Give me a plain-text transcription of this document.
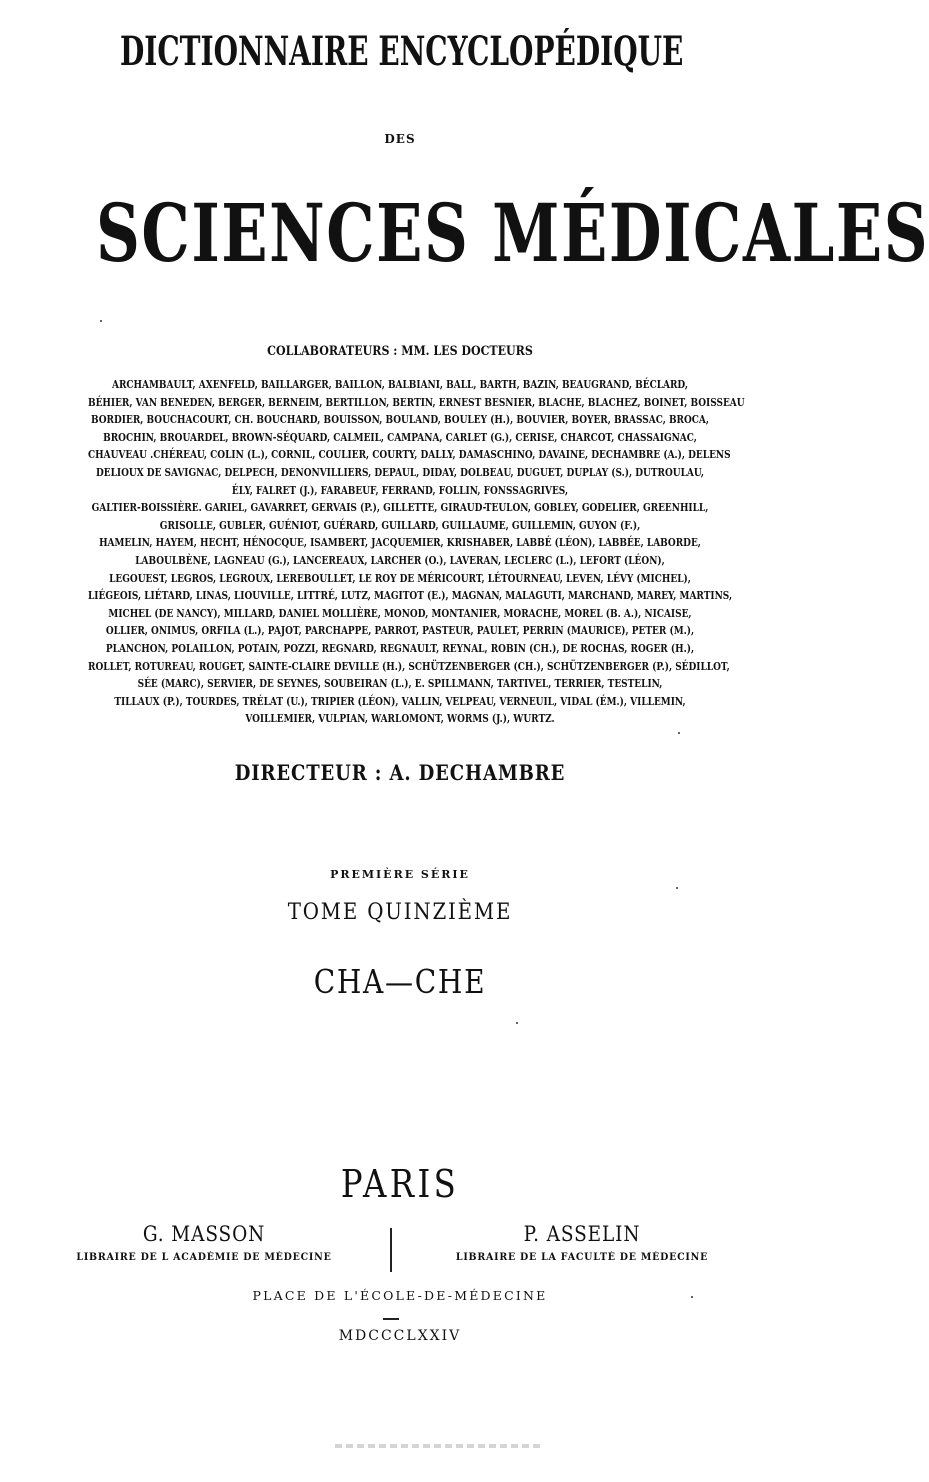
DICTIONNAIRE ENCYCLOPÉDIQUE
DES
SCIENCES MÉDICALES
COLLABORATEURS : MM. LES DOCTEURS
ARCHAMBAULT, AXENFELD, BAILLARGER, BAILLON, BALBIANI, BALL, BARTH, BAZIN, BEAUGRAND, BÉCLARD,
BÉHIER, VAN BENEDEN, BERGER, BERNEIM, BERTILLON, BERTIN, ERNEST BESNIER, BLACHE, BLACHEZ, BOINET, BOISSEAU
BORDIER, BOUCHACOURT, CH. BOUCHARD, BOUISSON, BOULAND, BOULEY (H.), BOUVIER, BOYER, BRASSAC, BROCA,
BROCHIN, BROUARDEL, BROWN-SÉQUARD, CALMEIL, CAMPANA, CARLET (G.), CERISE, CHARCOT, CHASSAIGNAC,
CHAUVEAU .CHÉREAU, COLIN (L.), CORNIL, COULIER, COURTY, DALLY, DAMASCHINO, DAVAINE, DECHAMBRE (A.), DELENS
DELIOUX DE SAVIGNAC, DELPECH, DENONVILLIERS, DEPAUL, DIDAY, DOLBEAU, DUGUET, DUPLAY (S.), DUTROULAU,
ÉLY, FALRET (J.), FARABEUF, FERRAND, FOLLIN, FONSSAGRIVES,
GALTIER-BOISSIÈRE. GARIEL, GAVARRET, GERVAIS (P.), GILLETTE, GIRAUD-TEULON, GOBLEY, GODELIER, GREENHILL,
GRISOLLE, GUBLER, GUÉNIOT, GUÉRARD, GUILLARD, GUILLAUME, GUILLEMIN, GUYON (F.),
HAMELIN, HAYEM, HECHT, HÉNOCQUE, ISAMBERT, JACQUEMIER, KRISHABER, LABBÉ (LÉON), LABBÉE, LABORDE,
LABOULBÈNE, LAGNEAU (G.), LANCEREAUX, LARCHER (O.), LAVERAN, LECLERC (L.), LEFORT (LÉON),
LEGOUEST, LEGROS, LEGROUX, LEREBOULLET, LE ROY DE MÉRICOURT, LÉTOURNEAU, LEVEN, LÉVY (MICHEL),
LIÉGEOIS, LIÉTARD, LINAS, LIOUVILLE, LITTRÉ, LUTZ, MAGITOT (E.), MAGNAN, MALAGUTI, MARCHAND, MAREY, MARTINS,
MICHEL (DE NANCY), MILLARD, DANIEL MOLLIÈRE, MONOD, MONTANIER, MORACHE, MOREL (B. A.), NICAISE,
OLLIER, ONIMUS, ORFILA (L.), PAJOT, PARCHAPPE, PARROT, PASTEUR, PAULET, PERRIN (MAURICE), PETER (M.),
PLANCHON, POLAILLON, POTAIN, POZZI, REGNARD, REGNAULT, REYNAL, ROBIN (CH.), DE ROCHAS, ROGER (H.),
ROLLET, ROTUREAU, ROUGET, SAINTE-CLAIRE DEVILLE (H.), SCHÜTZENBERGER (CH.), SCHÜTZENBERGER (P.), SÉDILLOT,
SÉE (MARC), SERVIER, DE SEYNES, SOUBEIRAN (L.), E. SPILLMANN, TARTIVEL, TERRIER, TESTELIN,
TILLAUX (P.), TOURDES, TRÉLAT (U.), TRIPIER (LÉON), VALLIN, VELPEAU, VERNEUIL, VIDAL (ÉM.), VILLEMIN,
VOILLEMIER, VULPIAN, WARLOMONT, WORMS (J.), WURTZ.
DIRECTEUR : A. DECHAMBRE
PREMIÈRE SÉRIE
TOME QUINZIÈME
CHA—CHE
PARIS
G. MASSON
LIBRAIRE DE L ACADÉMIE DE MÉDECINE
P. ASSELIN
LIBRAIRE DE LA FACULTÉ DE MÉDECINE
PLACE DE L'ÉCOLE-DE-MÉDECINE
MDCCCLXXIV
